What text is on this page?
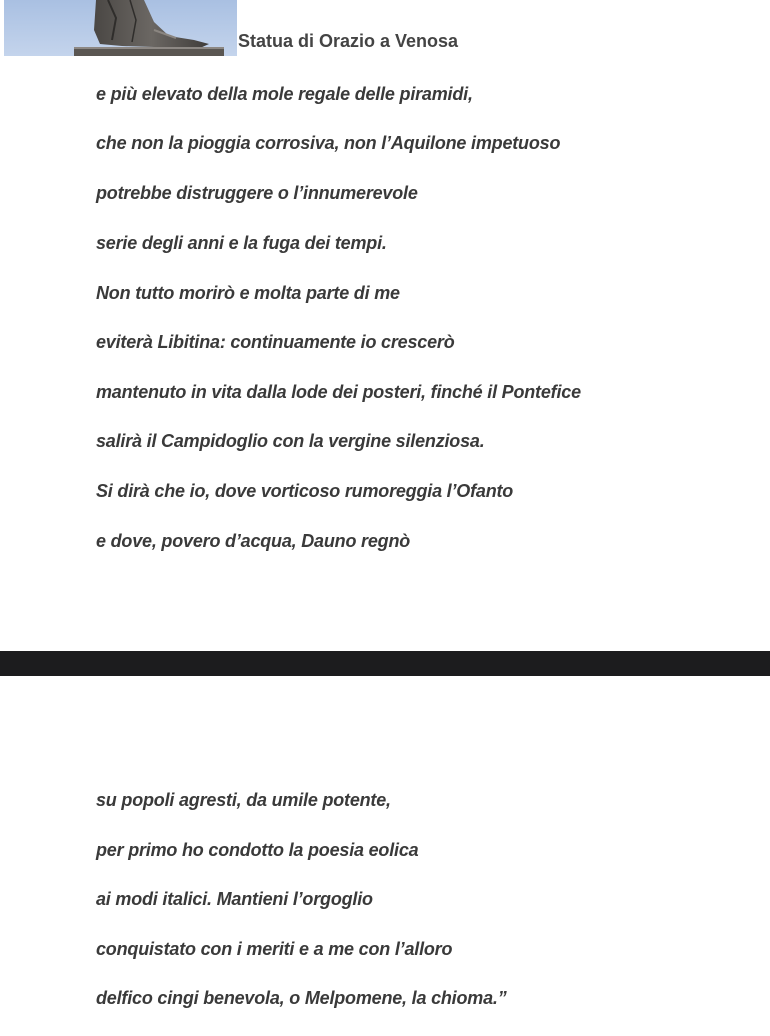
Statua di Orazio a Venosa

e più elevato della mole regale delle piramidi,

che non la pioggia corrosiva, non l’Aquilone impetuoso

potrebbe distruggere o l’innumerevole

serie degli anni e la fuga dei tempi.

Non tutto morirò e molta parte di me

eviterà Libitina: continuamente io crescerò

mantenuto in vita dalla lode dei posteri, finché il Pontefice

salirà il Campidoglio con la vergine silenziosa.

Si dirà che io, dove vorticoso rumoreggia l’Ofanto

e dove, povero d’acqua, Dauno regnò

su popoli agresti, da umile potente,

per primo ho condotto la poesia eolica

ai modi italici. Mantieni l’orgoglio

conquistato con i meriti e a me con l’alloro

delfico cingi benevola, o Melpomene, la chioma.”
